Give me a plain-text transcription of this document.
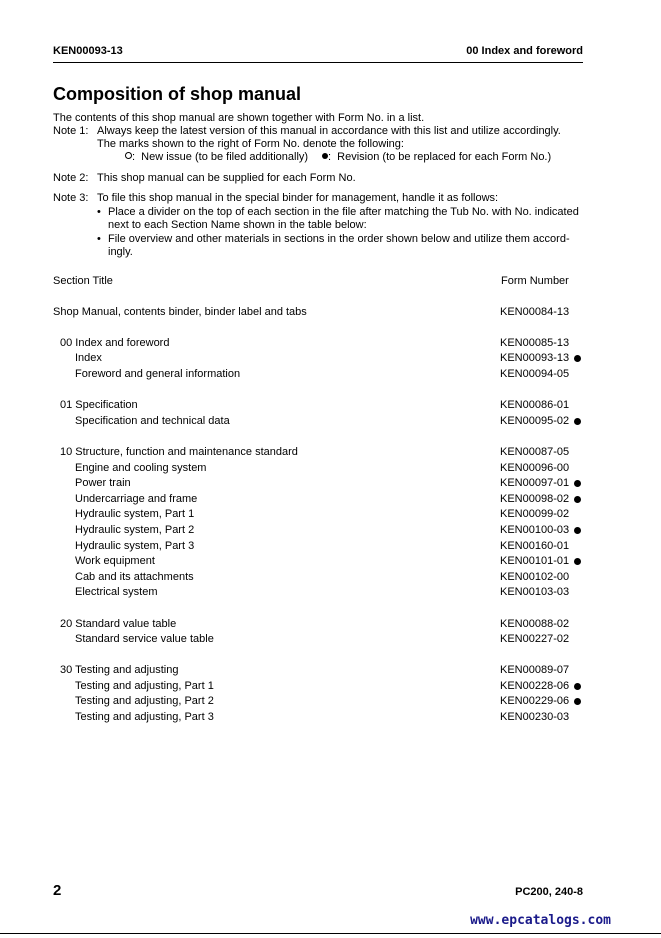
KEN00093-13	00 Index and foreword
Composition of shop manual
The contents of this shop manual are shown together with Form No. in a list.
Note 1: Always keep the latest version of this manual in accordance with this list and utilize accordingly.
The marks shown to the right of Form No. denote the following:
:  New issue (to be filed additionally)	:  Revision (to be replaced for each Form No.)
Note 2: This shop manual can be supplied for each Form No.
Note 3: To file this shop manual in the special binder for management, handle it as follows:
• Place a divider on the top of each section in the file after matching the Tub No. with No. indicated
next to each Section Name shown in the table below:
• File overview and other materials in sections in the order shown below and utilize them accord-
ingly.
Section Title	Form Number
Shop Manual, contents binder, binder label and tabs	KEN00084-13
00 Index and foreword	KEN00085-13
Index	KEN00093-13
Foreword and general information	KEN00094-05
01 Specification	KEN00086-01
Specification and technical data	KEN00095-02
10 Structure, function and maintenance standard	KEN00087-05
Engine and cooling system	KEN00096-00
Power train	KEN00097-01
Undercarriage and frame	KEN00098-02
Hydraulic system, Part 1	KEN00099-02
Hydraulic system, Part 2	KEN00100-03
Hydraulic system, Part 3	KEN00160-01
Work equipment	KEN00101-01
Cab and its attachments	KEN00102-00
Electrical system	KEN00103-03
20 Standard value table	KEN00088-02
Standard service value table	KEN00227-02
30 Testing and adjusting	KEN00089-07
Testing and adjusting, Part 1	KEN00228-06
Testing and adjusting, Part 2	KEN00229-06
Testing and adjusting, Part 3	KEN00230-03
2	PC200, 240-8
www.epcatalogs.com
